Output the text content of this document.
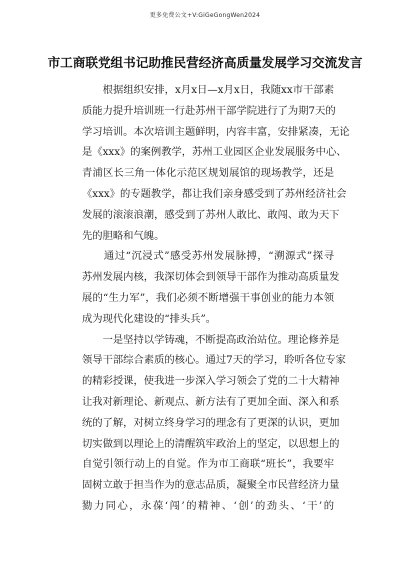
更多免费公文+V:GiGeGongWen2024
市工商联党组书记助推民营经济高质量发展学习交流发言
　　根据组织安排，x月x日—x月x日，我随xx市干部素
质能力提升培训班一行赴苏州干部学院进行了为期7天的
学习培训。本次培训主题鲜明，内容丰富，安排紧凑，无论
是《xxx》的案例教学，苏州工业园区企业发展服务中心、
青浦区长三角一体化示范区规划展馆的现场教学，还是
《xxx》的专题教学，都让我们亲身感受到了苏州经济社会
发展的滚滚浪潮，感受到了苏州人敢比、敢闯、敢为天下
先的胆略和气魄。
　　通过“沉浸式”感受苏州发展脉搏，“溯源式”探寻
苏州发展内核，我深切体会到领导干部作为推动高质量发
展的“生力军”，我们必须不断增强干事创业的能力本领
成为现代化建设的“排头兵”。
　　一是坚持以学铸魂，不断提高政治站位。理论修养是
领导干部综合素质的核心。通过7天的学习，聆听各位专家
的精彩授课，使我进一步深入学习领会了党的二十大精神
让我对新理论、新观点、新方法有了更加全面、深入和系
统的了解，对树立终身学习的理念有了更深的认识，更加
切实做到以理论上的清醒筑牢政治上的坚定，以思想上的
自觉引领行动上的自觉。作为市工商联“班长”，我要牢
固树立敢于担当作为的意志品质，凝聚全市民营经济力量
勠力同心，永葆‘闯’的精神、‘创’的劲头、‘干’的
